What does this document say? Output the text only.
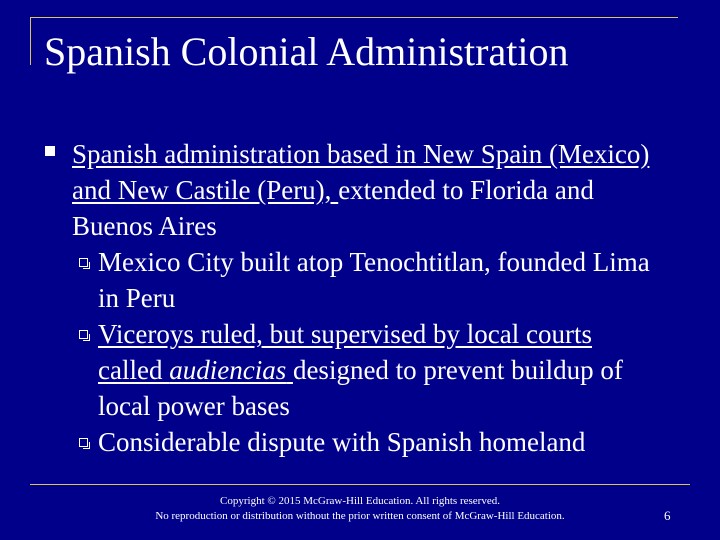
Spanish Colonial Administration
Spanish administration based in New Spain (Mexico) and New Castile (Peru), extended to Florida and Buenos Aires
Mexico City built atop Tenochtitlan, founded Lima in Peru
Viceroys ruled, but supervised by local courts called audiencias designed to prevent buildup of local power bases
Considerable dispute with Spanish homeland
Copyright © 2015 McGraw-Hill Education. All rights reserved.
No reproduction or distribution without the prior written consent of McGraw-Hill Education.	6
